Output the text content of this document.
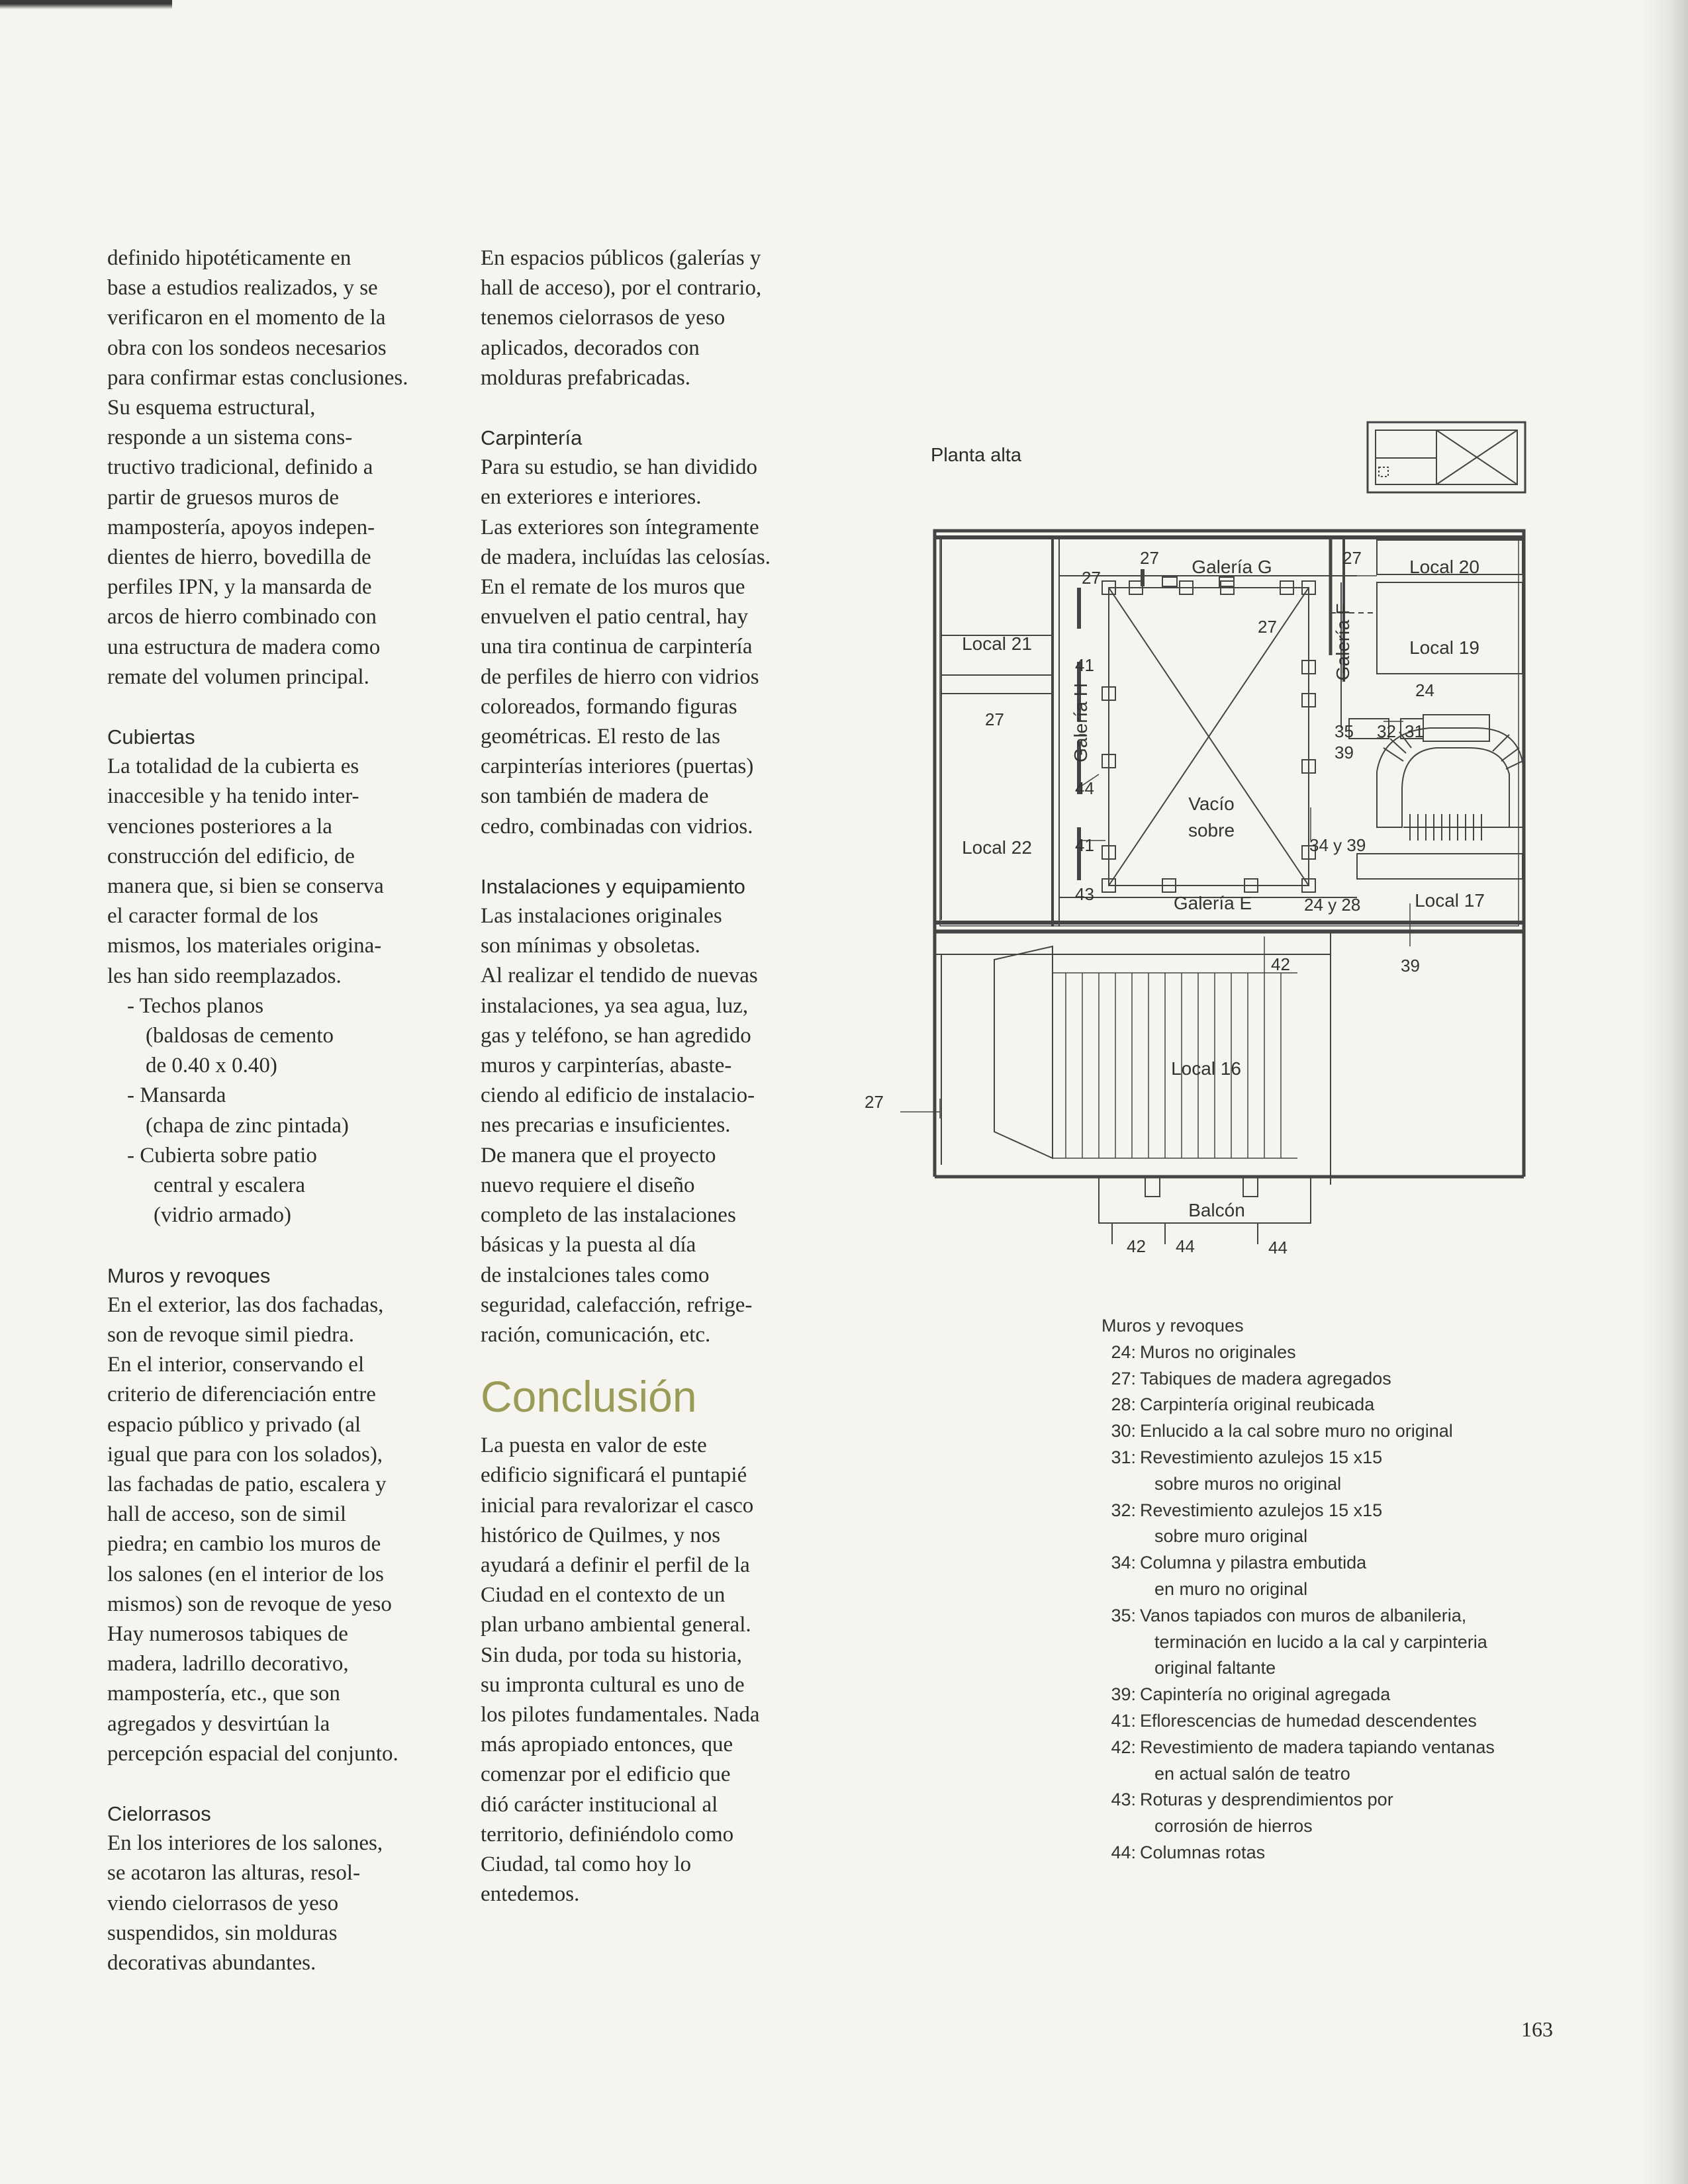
definido hipotéticamente en
base a estudios realizados, y se
verificaron en el momento de la
obra con los sondeos necesarios
para confirmar estas conclusiones.
Su esquema estructural,
responde a un sistema cons-
tructivo tradicional, definido a
partir de gruesos muros de
mampostería, apoyos indepen-
dientes de hierro, bovedilla de
perfiles IPN, y la mansarda de
arcos de hierro combinado con
una estructura de madera como
remate del volumen principal.

Cubiertas

La totalidad de la cubierta es
inaccesible y ha tenido inter-
venciones posteriores a la
construcción del edificio, de
manera que, si bien se conserva
el caracter formal de los
mismos, los materiales origina-
les han sido reemplazados.

- Techos planos
(baldosas de cemento
de 0.40 x 0.40)
- Mansarda
(chapa de zinc pintada)
- Cubierta sobre patio
central y escalera
(vidrio armado)

Muros y revoques

En el exterior, las dos fachadas,
son de revoque simil piedra.
En el interior, conservando el
criterio de diferenciación entre
espacio público y privado (al
igual que para con los solados),
las fachadas de patio, escalera y
hall de acceso, son de simil
piedra; en cambio los muros de
los salones (en el interior de los
mismos) son de revoque de yeso
Hay numerosos tabiques de
madera, ladrillo decorativo,
mampostería, etc., que son
agregados y desvirtúan la
percepción espacial del conjunto.

Cielorrasos

En los interiores de los salones,
se acotaron las alturas, resol-
viendo cielorrasos de yeso
suspendidos, sin molduras
decorativas abundantes.

En espacios públicos (galerías y
hall de acceso), por el contrario,
tenemos cielorrasos de yeso
aplicados, decorados con
molduras prefabricadas.

Carpintería

Para su estudio, se han dividido
en exteriores e interiores.
Las exteriores son íntegramente
de madera, incluídas las celosías.
En el remate de los muros que
envuelven el patio central, hay
una tira continua de carpintería
de perfiles de hierro con vidrios
coloreados, formando figuras
geométricas. El resto de las
carpinterías interiores (puertas)
son también de madera de
cedro, combinadas con vidrios.

Instalaciones y equipamiento

Las instalaciones originales
son mínimas y obsoletas.
Al realizar el tendido de nuevas
instalaciones, ya sea agua, luz,
gas y teléfono, se han agredido
muros y carpinterías, abaste-
ciendo al edificio de instalacio-
nes precarias e insuficientes.
De manera que el proyecto
nuevo requiere el diseño
completo de las instalaciones
básicas y la puesta al día
de instalciones tales como
seguridad, calefacción, refrige-
ración, comunicación, etc.

Conclusión

La puesta en valor de este
edificio significará el puntapié
inicial para revalorizar el casco
histórico de Quilmes, y nos
ayudará a definir el perfil de la
Ciudad en el contexto de un
plan urbano ambiental general.
Sin duda, por toda su historia,
su impronta cultural es uno de
los pilotes fundamentales. Nada
más apropiado entonces, que
comenzar por el edificio que
dió carácter institucional al
territorio, definiéndolo como
Ciudad, tal como hoy lo
entedemos.

Planta alta
Galería G
Galería F
Galería H
Galería E
Local 20
Local 19
Local 21
Local 22
Local 17
Local 16
Vacío
sobre
Balcón
27
27	27
27
27
27
24
35 32 31
39
39
41
41
44
43
42
34 y 39
24 y 28
42 44	44
Muros y revoques
24: Muros no originales
27: Tabiques de madera agregados
28: Carpintería original reubicada
30: Enlucido a la cal sobre muro no original
31: Revestimiento azulejos 15 x15
sobre muros no original
32: Revestimiento azulejos 15 x15
sobre muro original
34: Columna y pilastra embutida
en muro no original
35: Vanos tapiados con muros de albanileria,
terminación en lucido a la cal y carpinteria
original faltante
39: Capintería no original agregada
41: Eflorescencias de humedad descendentes
42: Revestimiento de madera tapiando ventanas
en actual salón de teatro
43: Roturas y desprendimientos por
corrosión de hierros
44: Columnas rotas
163
